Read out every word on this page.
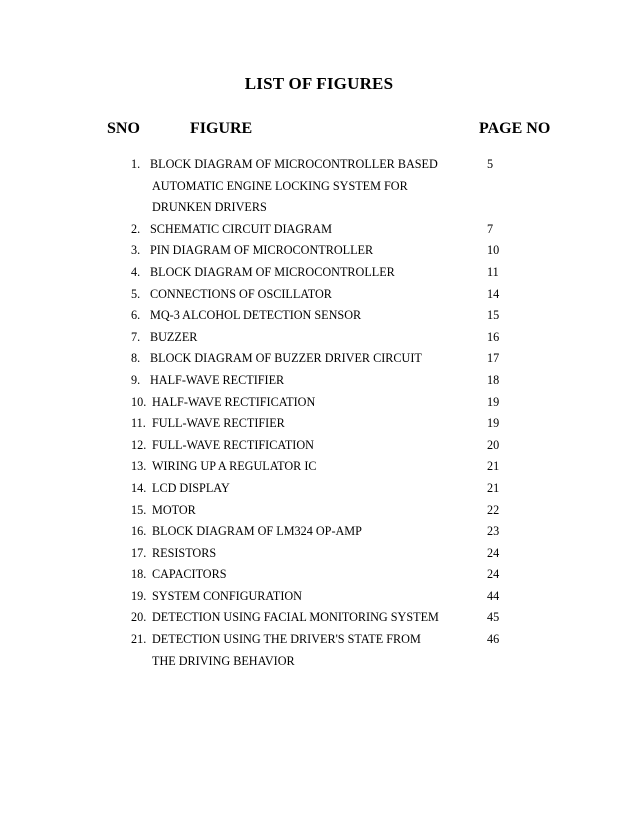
LIST OF FIGURES
SNO	FIGURE	PAGE NO
1. BLOCK DIAGRAM OF MICROCONTROLLER BASED	5
AUTOMATIC ENGINE LOCKING SYSTEM FOR
DRUNKEN DRIVERS
2. SCHEMATIC CIRCUIT DIAGRAM	7
3. PIN DIAGRAM OF MICROCONTROLLER	10
4. BLOCK DIAGRAM OF MICROCONTROLLER	11
5. CONNECTIONS OF OSCILLATOR	14
6. MQ-3 ALCOHOL DETECTION SENSOR	15
7. BUZZER	16
8. BLOCK DIAGRAM OF BUZZER DRIVER CIRCUIT	17
9. HALF-WAVE RECTIFIER	18
10. HALF-WAVE RECTIFICATION	19
11. FULL-WAVE RECTIFIER	19
12. FULL-WAVE RECTIFICATION	20
13. WIRING UP A REGULATOR IC	21
14. LCD DISPLAY	21
15. MOTOR	22
16. BLOCK DIAGRAM OF LM324 OP-AMP	23
17. RESISTORS	24
18. CAPACITORS	24
19. SYSTEM CONFIGURATION	44
20. DETECTION USING FACIAL MONITORING SYSTEM	45
21. DETECTION USING THE DRIVER'S STATE FROM	46
THE DRIVING BEHAVIOR
